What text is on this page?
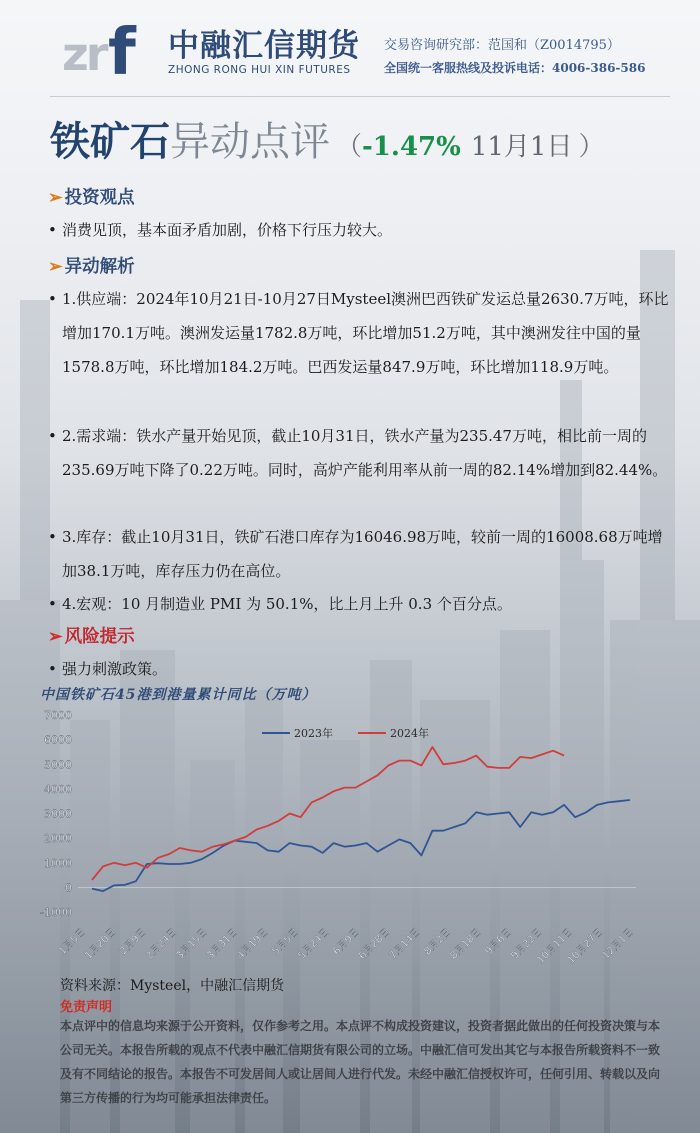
zr f 中融汇信期货
ZHONG RONG HUI XIN FUTURES
交易咨询研究部：范国和（Z0014795）
全国统一客服热线及投诉电话：4006-386-586
铁矿石异动点评 （-1.47% 11月1日 ）
➢ 投资观点
• 消费见顶，基本面矛盾加剧，价格下行压力较大。
➢ 异动解析
• 1.供应端：2024年10月21日-10月27日Mysteel澳洲巴西铁矿发运总量2630.7万吨，环比增加170.1万吨。澳洲发运量1782.8万吨，环比增加51.2万吨，其中澳洲发往中国的量1578.8万吨，环比增加184.2万吨。巴西发运量847.9万吨，环比增加118.9万吨。
• 2.需求端：铁水产量开始见顶，截止10月31日，铁水产量为235.47万吨，相比前一周的235.69万吨下降了0.22万吨。同时，高炉产能利用率从前一周的82.14%增加到82.44%。
• 3.库存：截止10月31日，铁矿石港口库存为16046.98万吨，较前一周的16008.68万吨增加38.1万吨，库存压力仍在高位。
• 4.宏观：10 月制造业 PMI 为 50.1%，比上月上升 0.3 个百分点。
➢ 风险提示
• 强力刺激政策。
中国铁矿石45港到港量累计同比（万吨）
-1000
0
1000
2000
3000
4000
5000
6000
7000
1月5日
1月20日 2月9日
2月24日
3月15日
3月31日
4月19日 5月5日
5月24日 6月9日
6月28日
7月14日 8月2日
8月18日 9月6日
9月22日
10月11日
10月27日
12月1日
2023年	2024年
资料来源：Mysteel，中融汇信期货
免责声明
本点评中的信息均来源于公开资料，仅作参考之用。本点评不构成投资建议，投资者据此做出的任何投资决策与本公司无关。本报告所载的观点不代表中融汇信期货有限公司的立场。中融汇信可发出其它与本报告所载资料不一致及有不同结论的报告。本报告不可发居间人或让居间人进行代发。未经中融汇信授权许可，任何引用、转载以及向第三方传播的行为均可能承担法律责任。
